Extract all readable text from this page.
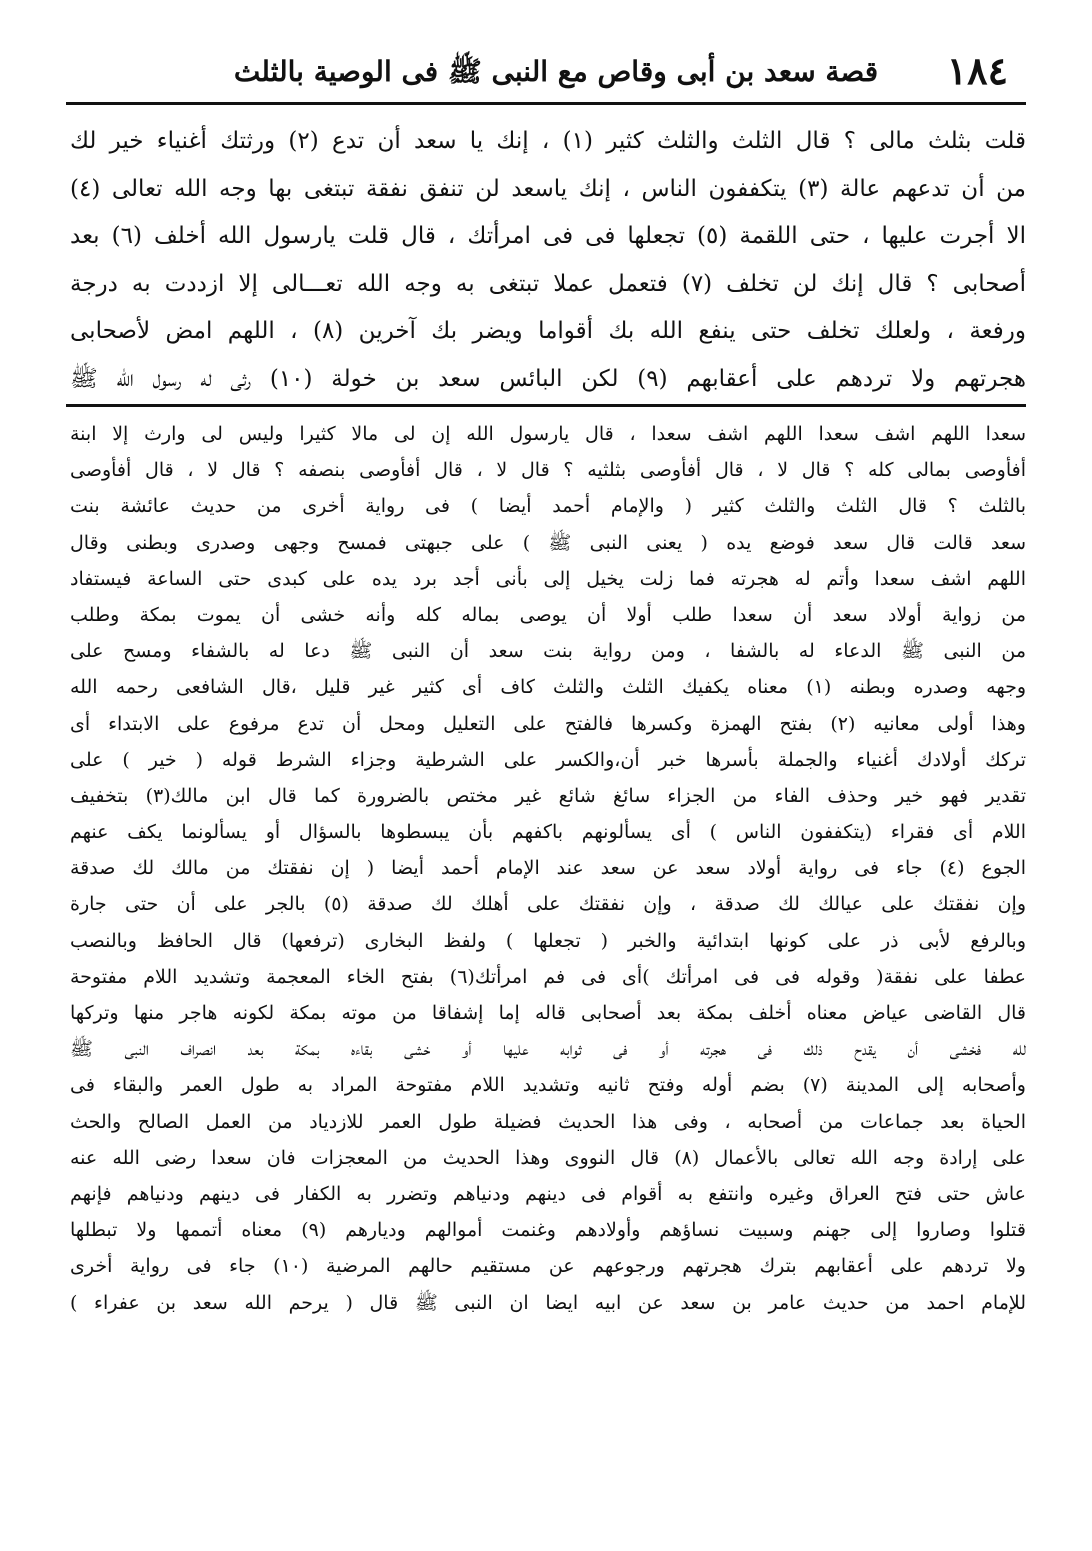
١٨٤
قصة سعد بن أبى وقاص مع النبى ﷺ فى الوصية بالثلث
قلت بثلث مالى ؟ قال الثلث والثلث كثير (١) ، إنك يا سعد أن تدع (٢) ورثتك أغنياء خير لك
من أن تدعهم عالة (٣) يتكففون الناس ، إنك ياسعد لن تنفق نفقة تبتغى بها وجه الله تعالى (٤)
الا أجرت عليها ، حتى اللقمة (٥) تجعلها فى فى امرأتك ، قال قلت يارسول الله أخلف (٦) بعد
أصحابى ؟ قال إنك لن تخلف (٧) فتعمل عملا تبتغى به وجه الله تعـــالى إلا ازددت به درجة
ورفعة ، ولعلك تخلف حتى ينفع الله بك أقواما ويضر بك آخرين (٨) ، اللهم امض لأصحابى
هجرتهم ولا تردهم على أعقابهم (٩) لكن البائس سعد بن خولة (١٠) رثى له رسول الله ﷺ
سعدا اللهم اشف سعدا اللهم اشف سعدا ، قال يارسول الله إن لى مالا كثيرا وليس لى وارث إلا ابنة
أفأوصى بمالى كله ؟ قال لا ، قال أفأوصى بثلثيه ؟ قال لا ، قال أفأوصى بنصفه ؟ قال لا ، قال أفأوصى
بالثلث ؟ قال الثلث والثلث كثير ( والإمام أحمد أيضا ) فى رواية أخرى من حديث عائشة بنت
سعد قالت قال سعد فوضع يده ( يعنى النبى ﷺ ) على جبهتى فمسح وجهى وصدرى وبطنى وقال
اللهم اشف سعدا وأتم له هجرته فما زلت يخيل إلى بأنى أجد برد يده على كبدى حتى الساعة فيستفاد
من زواية أولاد سعد أن سعدا طلب أولا أن يوصى بماله كله وأنه خشى أن يموت بمكة وطلب
من النبى ﷺ الدعاء له بالشفا ، ومن رواية بنت سعد أن النبى ﷺ دعا له بالشفاء ومسح على
وجهه وصدره وبطنه (١) معناه يكفيك الثلث والثلث كاف أى كثير غير قليل ،قال الشافعى رحمه الله
وهذا أولى معانيه (٢) بفتح الهمزة وكسرها فالفتح على التعليل ومحل أن تدع مرفوع على الابتداء أى
تركك أولادك أغنياء والجملة بأسرها خبر أن،والكسر على الشرطية وجزاء الشرط قوله ( خير ) على
تقدير فهو خير وحذف الفاء من الجزاء سائغ شائع غير مختص بالضرورة كما قال ابن مالك(٣) بتخفيف
اللام أى فقراء (يتكففون الناس ) أى يسألونهم باكفهم بأن يبسطوها بالسؤال أو يسألونما يكف عنهم
الجوع (٤) جاء فى رواية أولاد سعد عن سعد عند الإمام أحمد أيضا ( إن نفقتك من مالك لك صدقة
وإن نفقتك على عيالك لك صدقة ، وإن نفقتك على أهلك لك صدقة (٥) بالجر على أن حتى جارة
وبالرفع لأبى ذر على كونها ابتدائية والخبر ( تجعلها ) ولفظ البخارى (ترفعها) قال الحافظ وبالنصب
عطفا على نفقة( وقوله فى فى امرأتك )أى فى فم امرأتك(٦) بفتح الخاء المعجمة وتشديد اللام مفتوحة
قال القاضى عياض معناه أخلف بمكة بعد أصحابى قاله إما إشفاقا من موته بمكة لكونه هاجر منها وتركها
لله فخشى أن يقدح ذلك فى هجرته أو فى ثوابه عليها أو خشى بقاءه بمكة بعد انصراف النبى ﷺ
وأصحابه إلى المدينة (٧) بضم أوله وفتح ثانيه وتشديد اللام مفتوحة المراد به طول العمر والبقاء فى
الحياة بعد جماعات من أصحابه ، وفى هذا الحديث فضيلة طول العمر للازدياد من العمل الصالح والحث
على إرادة وجه الله تعالى بالأعمال (٨) قال النووى وهذا الحديث من المعجزات فان سعدا رضى الله عنه
عاش حتى فتح العراق وغيره وانتفع به أقوام فى دينهم ودنياهم وتضرر به الكفار فى دينهم ودنياهم فإنهم
قتلوا وصاروا إلى جهنم وسبيت نساؤهم وأولادهم وغنمت أموالهم وديارهم (٩) معناه أتممها ولا تبطلها
ولا تردهم على أعقابهم بترك هجرتهم ورجوعهم عن مستقيم حالهم المرضية (١٠) جاء فى رواية أخرى
للإمام احمد من حديث عامر بن سعد عن ابيه ايضا ان النبى ﷺ قال ( يرحم الله سعد بن عفراء )
